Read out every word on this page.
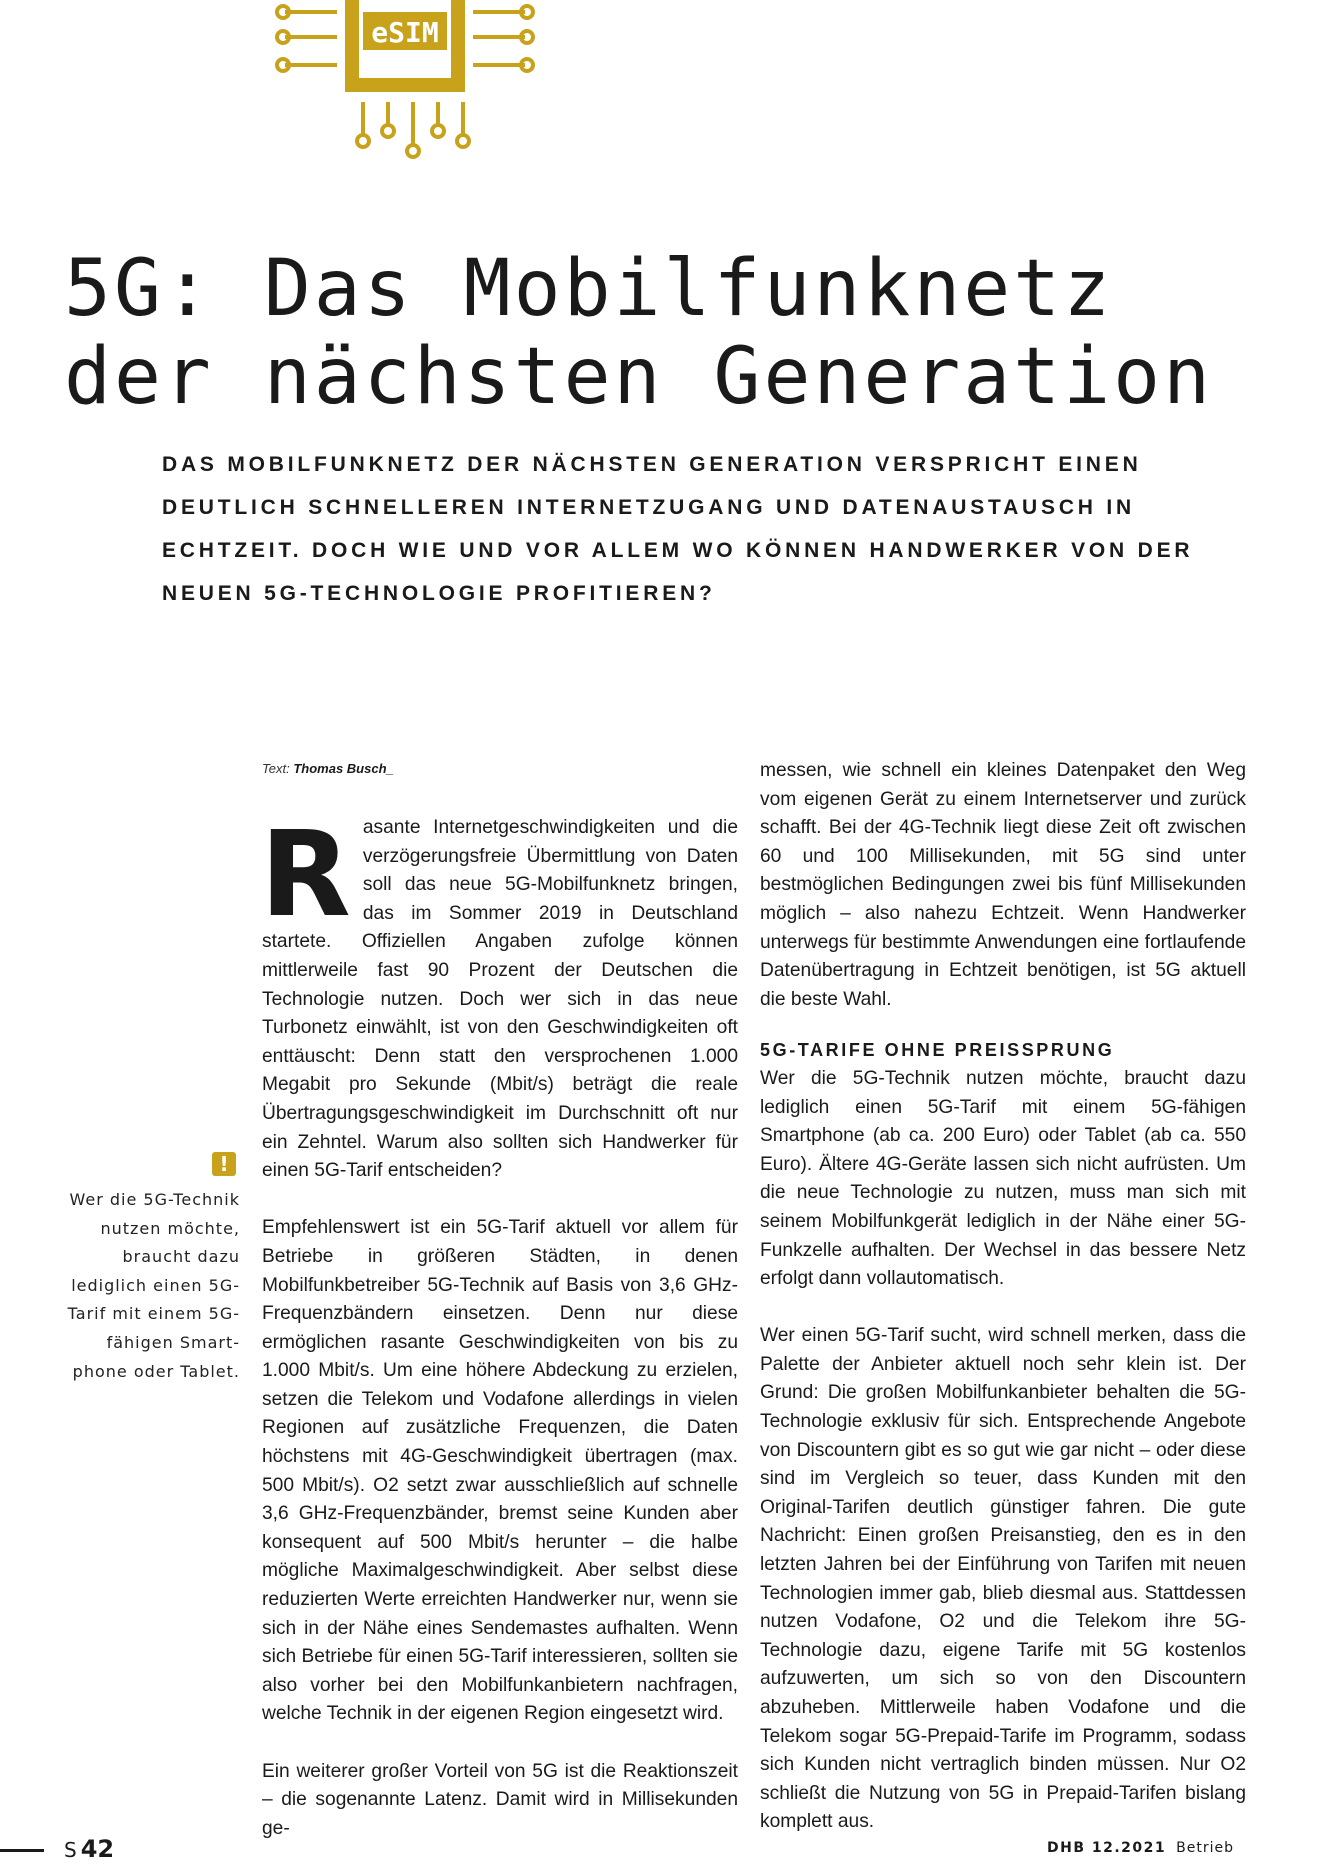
eSIM
5G: Das Mobilfunknetz
der nächsten Generation

DAS MOBILFUNKNETZ DER NÄCHSTEN GENERATION VERSPRICHT EINEN DEUTLICH SCHNELLEREN INTERNETZUGANG UND DATENAUSTAUSCH IN ECHTZEIT. DOCH WIE UND VOR ALLEM WO KÖNNEN HANDWERKER VON DER NEUEN 5G-TECHNOLOGIE PROFITIEREN?

Text: Thomas Busch_
!

Wer die 5G-Technik nutzen möchte, braucht dazu lediglich einen 5G-Tarif mit einem 5G-fähigen Smart-phone oder Tablet.

R asante Internetgeschwindigkeiten und die verzögerungsfreie Übermittlung von Daten soll das neue 5G-Mobilfunknetz bringen, das im Sommer 2019 in Deutschland startete. Offiziellen Angaben zufolge können mittlerweile fast 90 Prozent der Deutschen die Technologie nutzen. Doch wer sich in das neue Turbonetz einwählt, ist von den Geschwindigkeiten oft enttäuscht: Denn statt den versprochenen 1.000 Megabit pro Sekunde (Mbit/s) beträgt die reale Übertragungsgeschwindigkeit im Durchschnitt oft nur ein Zehntel. Warum also sollten sich Handwerker für einen 5G-Tarif entscheiden?

Empfehlenswert ist ein 5G-Tarif aktuell vor allem für Betriebe in größeren Städten, in denen Mobilfunkbetreiber 5G-Technik auf Basis von 3,6 GHz-Frequenzbändern einsetzen. Denn nur diese ermöglichen rasante Geschwindigkeiten von bis zu 1.000 Mbit/s. Um eine höhere Abdeckung zu erzielen, setzen die Telekom und Vodafone allerdings in vielen Regionen auf zusätzliche Frequenzen, die Daten höchstens mit 4G-Geschwindigkeit übertragen (max. 500 Mbit/s). O2 setzt zwar ausschließlich auf schnelle 3,6 GHz-Frequenzbänder, bremst seine Kunden aber konsequent auf 500 Mbit/s herunter – die halbe mögliche Maximalgeschwindigkeit. Aber selbst diese reduzierten Werte erreichten Handwerker nur, wenn sie sich in der Nähe eines Sendemastes aufhalten. Wenn sich Betriebe für einen 5G-Tarif interessieren, sollten sie also vorher bei den Mobilfunkanbietern nachfragen, welche Technik in der eigenen Region eingesetzt wird.

Ein weiterer großer Vorteil von 5G ist die Reaktionszeit – die sogenannte Latenz. Damit wird in Millisekunden ge-

messen, wie schnell ein kleines Datenpaket den Weg vom eigenen Gerät zu einem Internetserver und zurück schafft. Bei der 4G-Technik liegt diese Zeit oft zwischen 60 und 100 Millisekunden, mit 5G sind unter bestmöglichen Bedingungen zwei bis fünf Millisekunden möglich – also nahezu Echtzeit. Wenn Handwerker unterwegs für bestimmte Anwendungen eine fortlaufende Datenübertragung in Echtzeit benötigen, ist 5G aktuell die beste Wahl.

5G-TARIFE OHNE PREISSPRUNG

Wer die 5G-Technik nutzen möchte, braucht dazu lediglich einen 5G-Tarif mit einem 5G-fähigen Smartphone (ab ca. 200 Euro) oder Tablet (ab ca. 550 Euro). Ältere 4G-Geräte lassen sich nicht aufrüsten. Um die neue Technologie zu nutzen, muss man sich mit seinem Mobilfunkgerät lediglich in der Nähe einer 5G-Funkzelle aufhalten. Der Wechsel in das bessere Netz erfolgt dann vollautomatisch.

Wer einen 5G-Tarif sucht, wird schnell merken, dass die Palette der Anbieter aktuell noch sehr klein ist. Der Grund: Die großen Mobilfunkanbieter behalten die 5G-Technologie exklusiv für sich. Entsprechende Angebote von Discountern gibt es so gut wie gar nicht – oder diese sind im Vergleich so teuer, dass Kunden mit den Original-Tarifen deutlich günstiger fahren. Die gute Nachricht: Einen großen Preisanstieg, den es in den letzten Jahren bei der Einführung von Tarifen mit neuen Technologien immer gab, blieb diesmal aus. Stattdessen nutzen Vodafone, O2 und die Telekom ihre 5G-Technologie dazu, eigene Tarife mit 5G kostenlos aufzuwerten, um sich so von den Discountern abzuheben. Mittlerweile haben Vodafone und die Telekom sogar 5G-Prepaid-Tarife im Programm, sodass sich Kunden nicht vertraglich binden müssen. Nur O2 schließt die Nutzung von 5G in Prepaid-Tarifen bislang komplett aus.

S 42	DHB 12.2021 Betrieb
